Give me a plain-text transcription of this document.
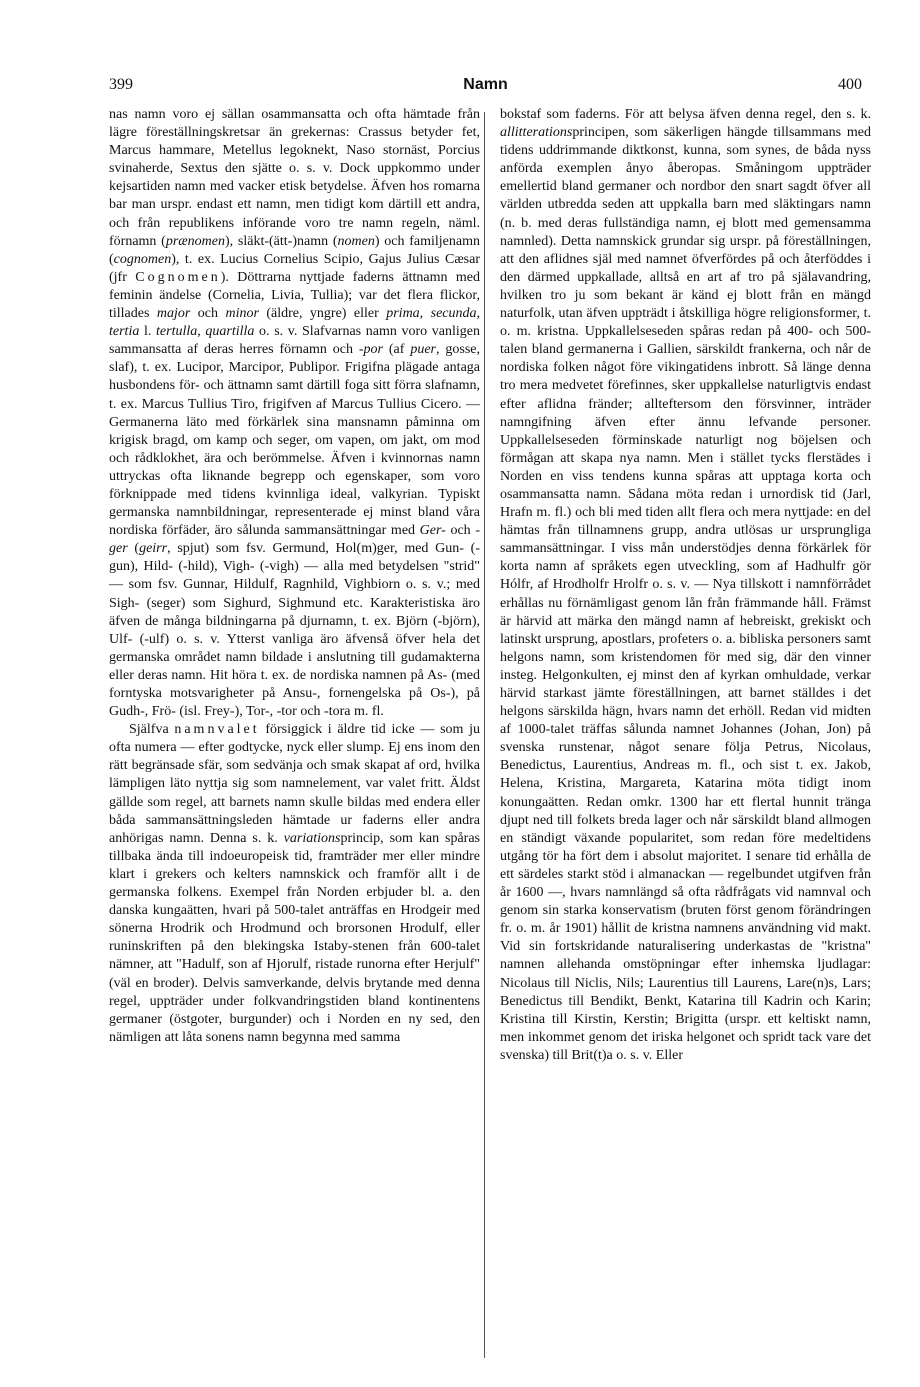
399	Namn	400

nas namn voro ej sällan osammansatta och ofta hämtade från lägre föreställningskretsar än grekernas: Crassus betyder fet, Marcus hammare, Metellus legoknekt, Naso stornäst, Porcius svinaherde, Sextus den sjätte o. s. v. Dock uppkommo under kejsartiden namn med vacker etisk betydelse. Äfven hos romarna bar man urspr. endast ett namn, men tidigt kom därtill ett andra, och från republikens införande voro tre namn regeln, näml. förnamn (prænomen), släkt-(ätt-)namn (nomen) och familjenamn (cognomen), t. ex. Lucius Cornelius Scipio, Gajus Julius Cæsar (jfr Cognomen). Döttrarna nyttjade faderns ättnamn med feminin ändelse (Cornelia, Livia, Tullia); var det flera flickor, tillades major och minor (äldre, yngre) eller prima, secunda, tertia l. tertulla, quartilla o. s. v. Slafvarnas namn voro vanligen sammansatta af deras herres förnamn och -por (af puer, gosse, slaf), t. ex. Lucipor, Marcipor, Publipor. Frigifna plägade antaga husbondens för- och ättnamn samt därtill foga sitt förra slafnamn, t. ex. Marcus Tullius Tiro, frigifven af Marcus Tullius Cicero. — Germanerna läto med förkärlek sina mansnamn påminna om krigisk bragd, om kamp och seger, om vapen, om jakt, om mod och rådklokhet, ära och berömmelse. Äfven i kvinnornas namn uttryckas ofta liknande begrepp och egenskaper, som voro förknippade med tidens kvinnliga ideal, valkyrian. Typiskt germanska namnbildningar, representerade ej minst bland våra nordiska förfäder, äro sålunda sammansättningar med Ger- och -ger (geirr, spjut) som fsv. Germund, Hol(m)ger, med Gun- (-gun), Hild- (-hild), Vigh- (-vigh) — alla med betydelsen "strid" — som fsv. Gunnar, Hildulf, Ragnhild, Vighbiorn o. s. v.; med Sigh- (seger) som Sighurd, Sighmund etc. Karakteristiska äro äfven de många bildningarna på djurnamn, t. ex. Björn (-björn), Ulf- (-ulf) o. s. v. Ytterst vanliga äro äfvenså öfver hela det germanska området namn bildade i anslutning till gudamakterna eller deras namn. Hit höra t. ex. de nordiska namnen på As- (med forntyska motsvarigheter på Ansu-, fornengelska på Os-), på Gudh-, Frö- (isl. Frey-), Tor-, -tor och -tora m. fl.

Själfva namnvalet försiggick i äldre tid icke — som ju ofta numera — efter godtycke, nyck eller slump. Ej ens inom den rätt begränsade sfär, som sedvänja och smak skapat af ord, hvilka lämpligen läto nyttja sig som namnelement, var valet fritt. Äldst gällde som regel, att barnets namn skulle bildas med endera eller båda sammansättningsleden hämtade ur faderns eller andra anhörigas namn. Denna s. k. variationsprincip, som kan spåras tillbaka ända till indoeuropeisk tid, framträder mer eller mindre klart i grekers och kelters namnskick och framför allt i de germanska folkens. Exempel från Norden erbjuder bl. a. den danska kungaätten, hvari på 500-talet anträffas en Hrodgeir med sönerna Hrodrik och Hrodmund och brorsonen Hrodulf, eller runinskriften på den blekingska Istaby-stenen från 600-talet nämner, att "Hadulf, son af Hjorulf, ristade runorna efter Herjulf" (väl en broder). Delvis samverkande, delvis brytande med denna regel, uppträder under folkvandringstiden bland kontinentens germaner (östgoter, burgunder) och i Norden en ny sed, den nämligen att låta sonens namn begynna med samma

bokstaf som faderns. För att belysa äfven denna regel, den s. k. allitterationsprincipen, som säkerligen hängde tillsammans med tidens uddrimmande diktkonst, kunna, som synes, de båda nyss anförda exemplen ånyo åberopas. Småningom uppträder emellertid bland germaner och nordbor den snart sagdt öfver all världen utbredda seden att uppkalla barn med släktingars namn (n. b. med deras fullständiga namn, ej blott med gemensamma namnled). Detta namnskick grundar sig urspr. på föreställningen, att den aflidnes själ med namnet öfverfördes på och återföddes i den därmed uppkallade, alltså en art af tro på själavandring, hvilken tro ju som bekant är känd ej blott från en mängd naturfolk, utan äfven uppträdt i åtskilliga högre religionsformer, t. o. m. kristna. Uppkallelseseden spåras redan på 400- och 500-talen bland germanerna i Gallien, särskildt frankerna, och når de nordiska folken något före vikingatidens inbrott. Så länge denna tro mera medvetet förefinnes, sker uppkallelse naturligtvis endast efter aflidna fränder; allteftersom den försvinner, inträder namngifning äfven efter ännu lefvande personer. Uppkallelseseden förminskade naturligt nog böjelsen och förmågan att skapa nya namn. Men i stället tycks flerstädes i Norden en viss tendens kunna spåras att upptaga korta och osammansatta namn. Sådana möta redan i urnordisk tid (Jarl, Hrafn m. fl.) och bli med tiden allt flera och mera nyttjade: en del hämtas från tillnamnens grupp, andra utlösas ur ursprungliga sammansättningar. I viss mån understödjes denna förkärlek för korta namn af språkets egen utveckling, som af Hadhulfr gör Hólfr, af Hrodholfr Hrolfr o. s. v. — Nya tillskott i namnförrådet erhållas nu förnämligast genom lån från främmande håll. Främst är härvid att märka den mängd namn af hebreiskt, grekiskt och latinskt ursprung, apostlars, profeters o. a. bibliska personers samt helgons namn, som kristendomen för med sig, där den vinner insteg. Helgonkulten, ej minst den af kyrkan omhuldade, verkar härvid starkast jämte föreställningen, att barnet ställdes i det helgons särskilda hägn, hvars namn det erhöll. Redan vid midten af 1000-talet träffas sålunda namnet Johannes (Johan, Jon) på svenska runstenar, något senare följa Petrus, Nicolaus, Benedictus, Laurentius, Andreas m. fl., och sist t. ex. Jakob, Helena, Kristina, Margareta, Katarina möta tidigt inom konungaätten. Redan omkr. 1300 har ett flertal hunnit tränga djupt ned till folkets breda lager och når särskildt bland allmogen en ständigt växande popularitet, som redan före medeltidens utgång tör ha fört dem i absolut majoritet. I senare tid erhålla de ett särdeles starkt stöd i almanackan — regelbundet utgifven från år 1600 —, hvars namnlängd så ofta rådfrågats vid namnval och genom sin starka konservatism (bruten först genom förändringen fr. o. m. år 1901) hållit de kristna namnens användning vid makt. Vid sin fortskridande naturalisering underkastas de "kristna" namnen allehanda omstöpningar efter inhemska ljudlagar: Nicolaus till Niclis, Nils; Laurentius till Laurens, Lare(n)s, Lars; Benedictus till Bendikt, Benkt, Katarina till Kadrin och Karin; Kristina till Kirstin, Kerstin; Brigitta (urspr. ett keltiskt namn, men inkommet genom det iriska helgonet och spridt tack vare det svenska) till Brit(t)a o. s. v. Eller
